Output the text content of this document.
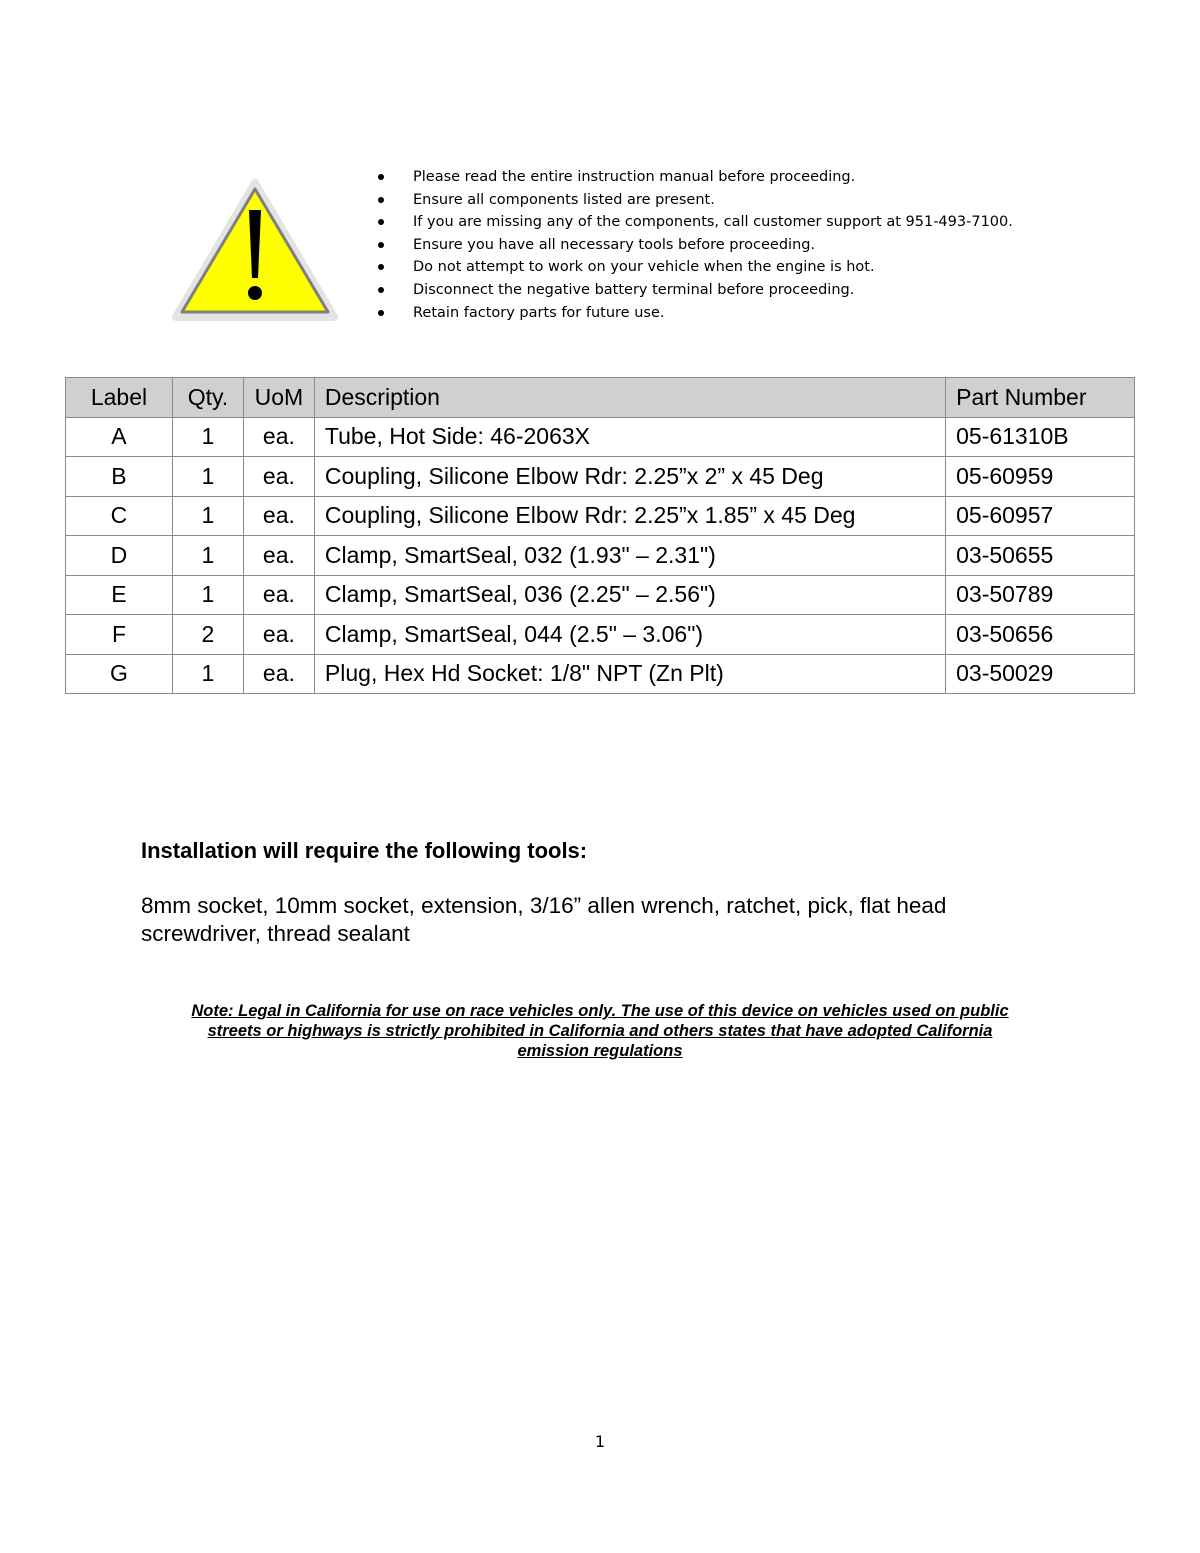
Please read the entire instruction manual before proceeding.
Ensure all components listed are present.
If you are missing any of the components, call customer support at 951-493-7100.
Ensure you have all necessary tools before proceeding.
Do not attempt to work on your vehicle when the engine is hot.
Disconnect the negative battery terminal before proceeding.
Retain factory parts for future use.
Label	Qty.	UoM	Description	Part Number
A	1	ea.	Tube, Hot Side: 46-2063X	05-61310B
B	1	ea.	Coupling, Silicone Elbow Rdr: 2.25”x 2” x 45 Deg	05-60959
C	1	ea.	Coupling, Silicone Elbow Rdr: 2.25”x 1.85” x 45 Deg	05-60957
D	1	ea.	Clamp, SmartSeal, 032 (1.93" – 2.31")	03-50655
E	1	ea.	Clamp, SmartSeal, 036 (2.25" – 2.56")	03-50789
F	2	ea.	Clamp, SmartSeal, 044 (2.5" – 3.06")	03-50656
G	1	ea.	Plug, Hex Hd Socket: 1/8" NPT (Zn Plt)	03-50029
Installation will require the following tools:

8mm socket, 10mm socket, extension, 3/16” allen wrench, ratchet, pick, flat head screwdriver, thread sealant

Note: Legal in California for use on race vehicles only. The use of this device on vehicles used on public
streets or highways is strictly prohibited in California and others states that have adopted California
emission regulations

1
